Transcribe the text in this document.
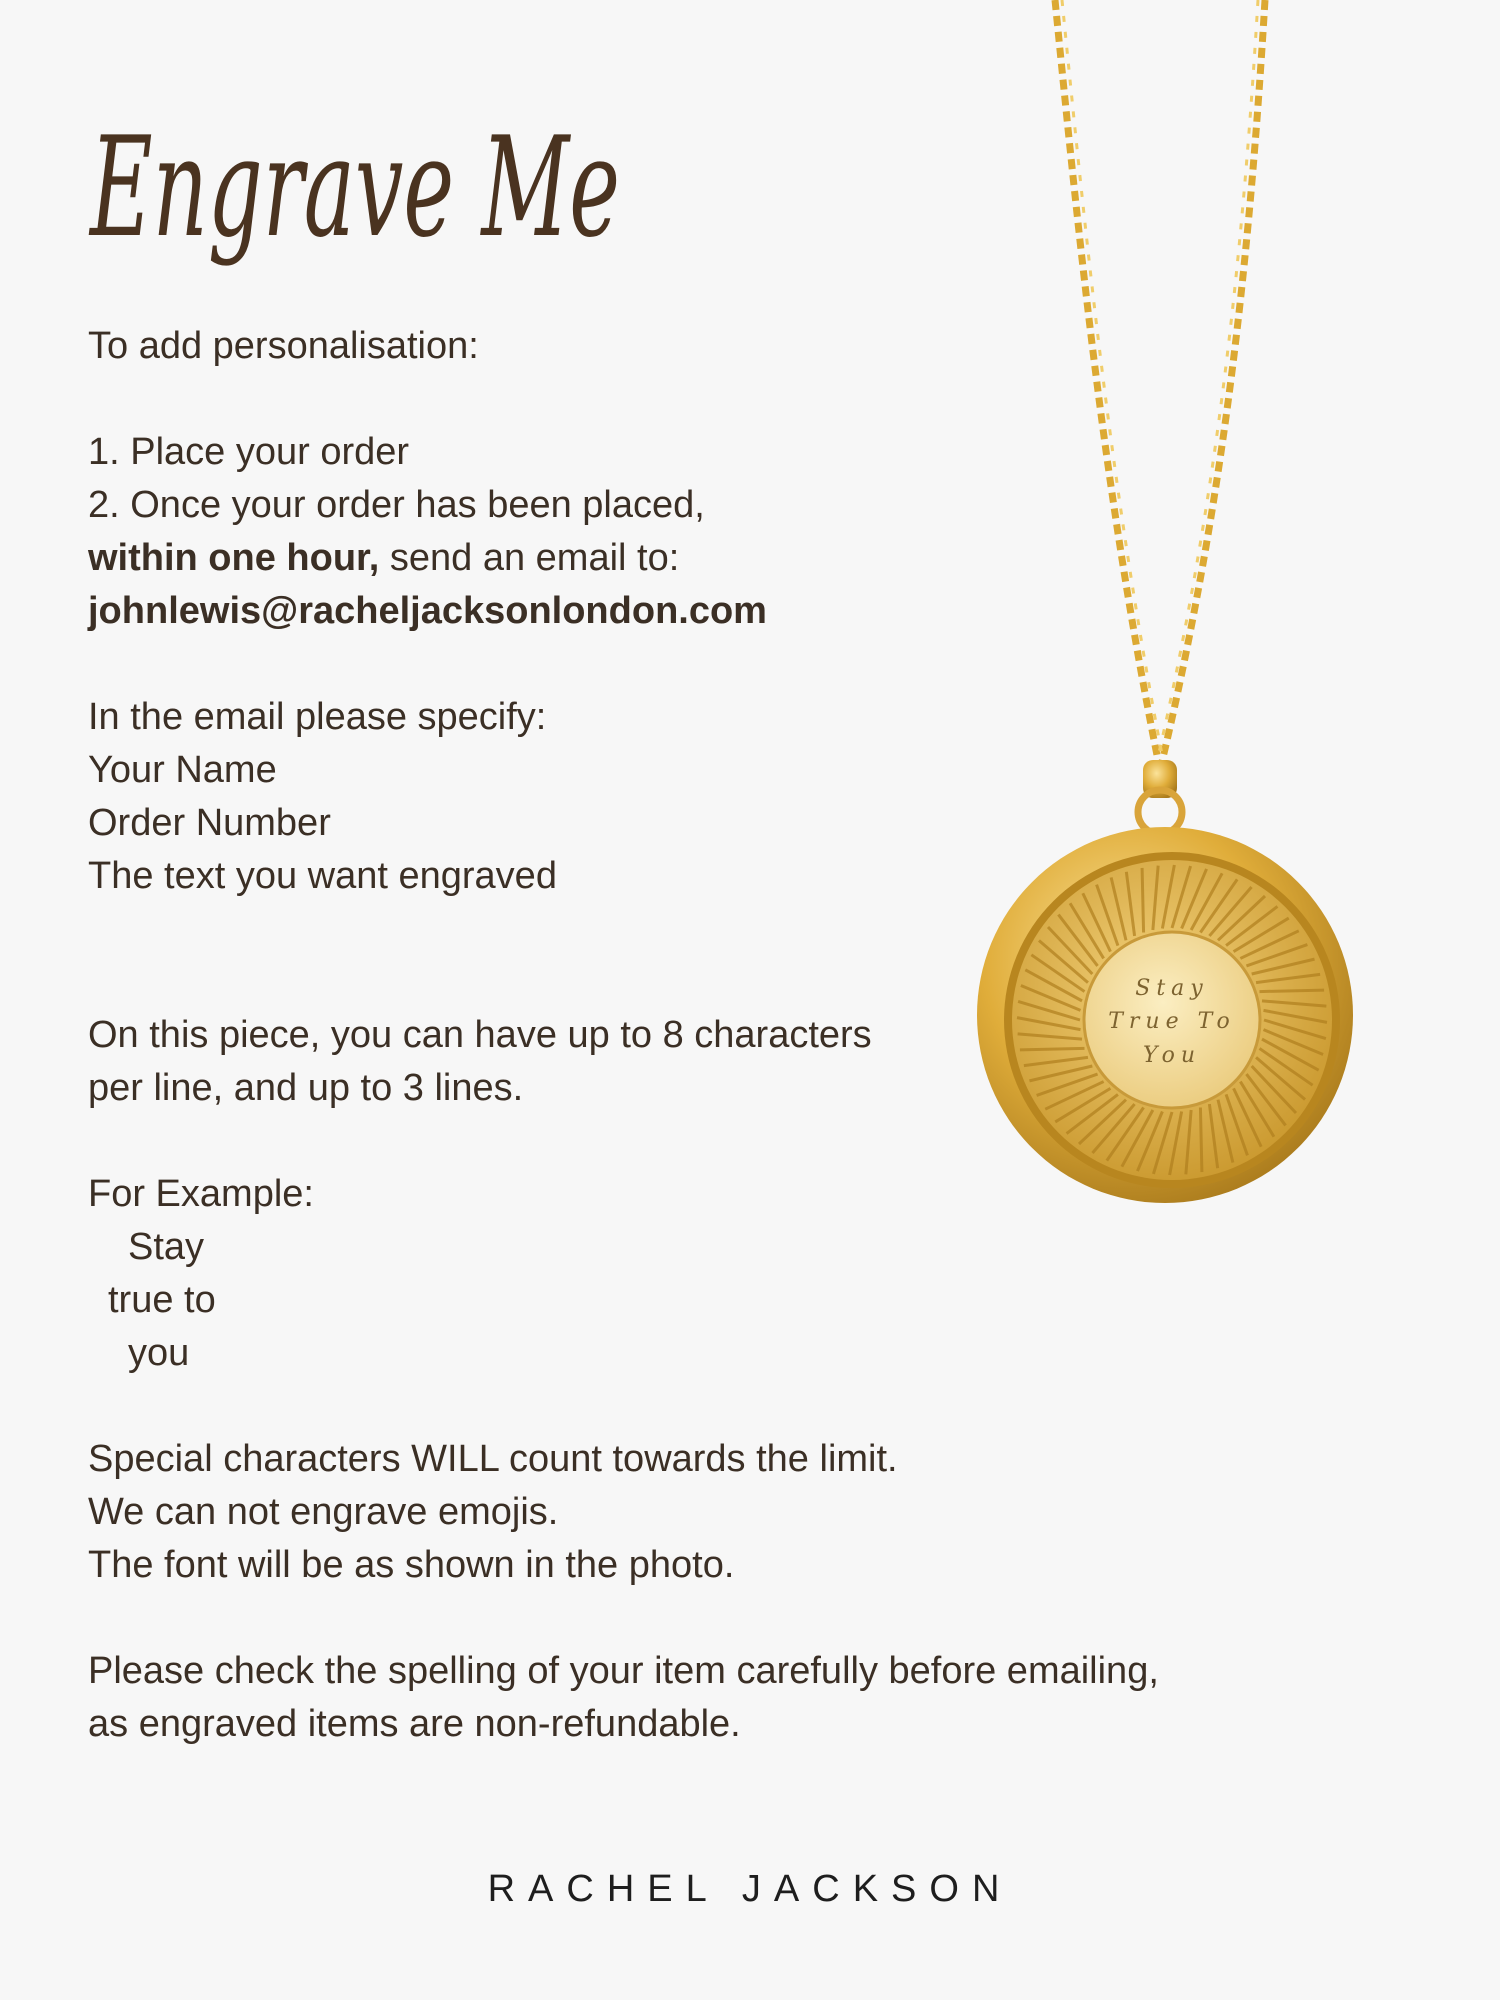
Engrave Me

To add personalisation:

1. Place your order

2. Once your order has been placed,

within one hour, send an email to:

johnlewis@racheljacksonlondon.com

In the email please specify:

Your Name

Order Number

The text you want engraved

On this piece, you can have up to 8 characters

per line, and up to 3 lines.

For Example:

Stay

true to

you

Special characters WILL count towards the limit.

We can not engrave emojis.

The font will be as shown in the photo.

Please check the spelling of your item carefully before emailing,

as engraved items are non-refundable.

Stay
True To
You
RACHEL JACKSON
